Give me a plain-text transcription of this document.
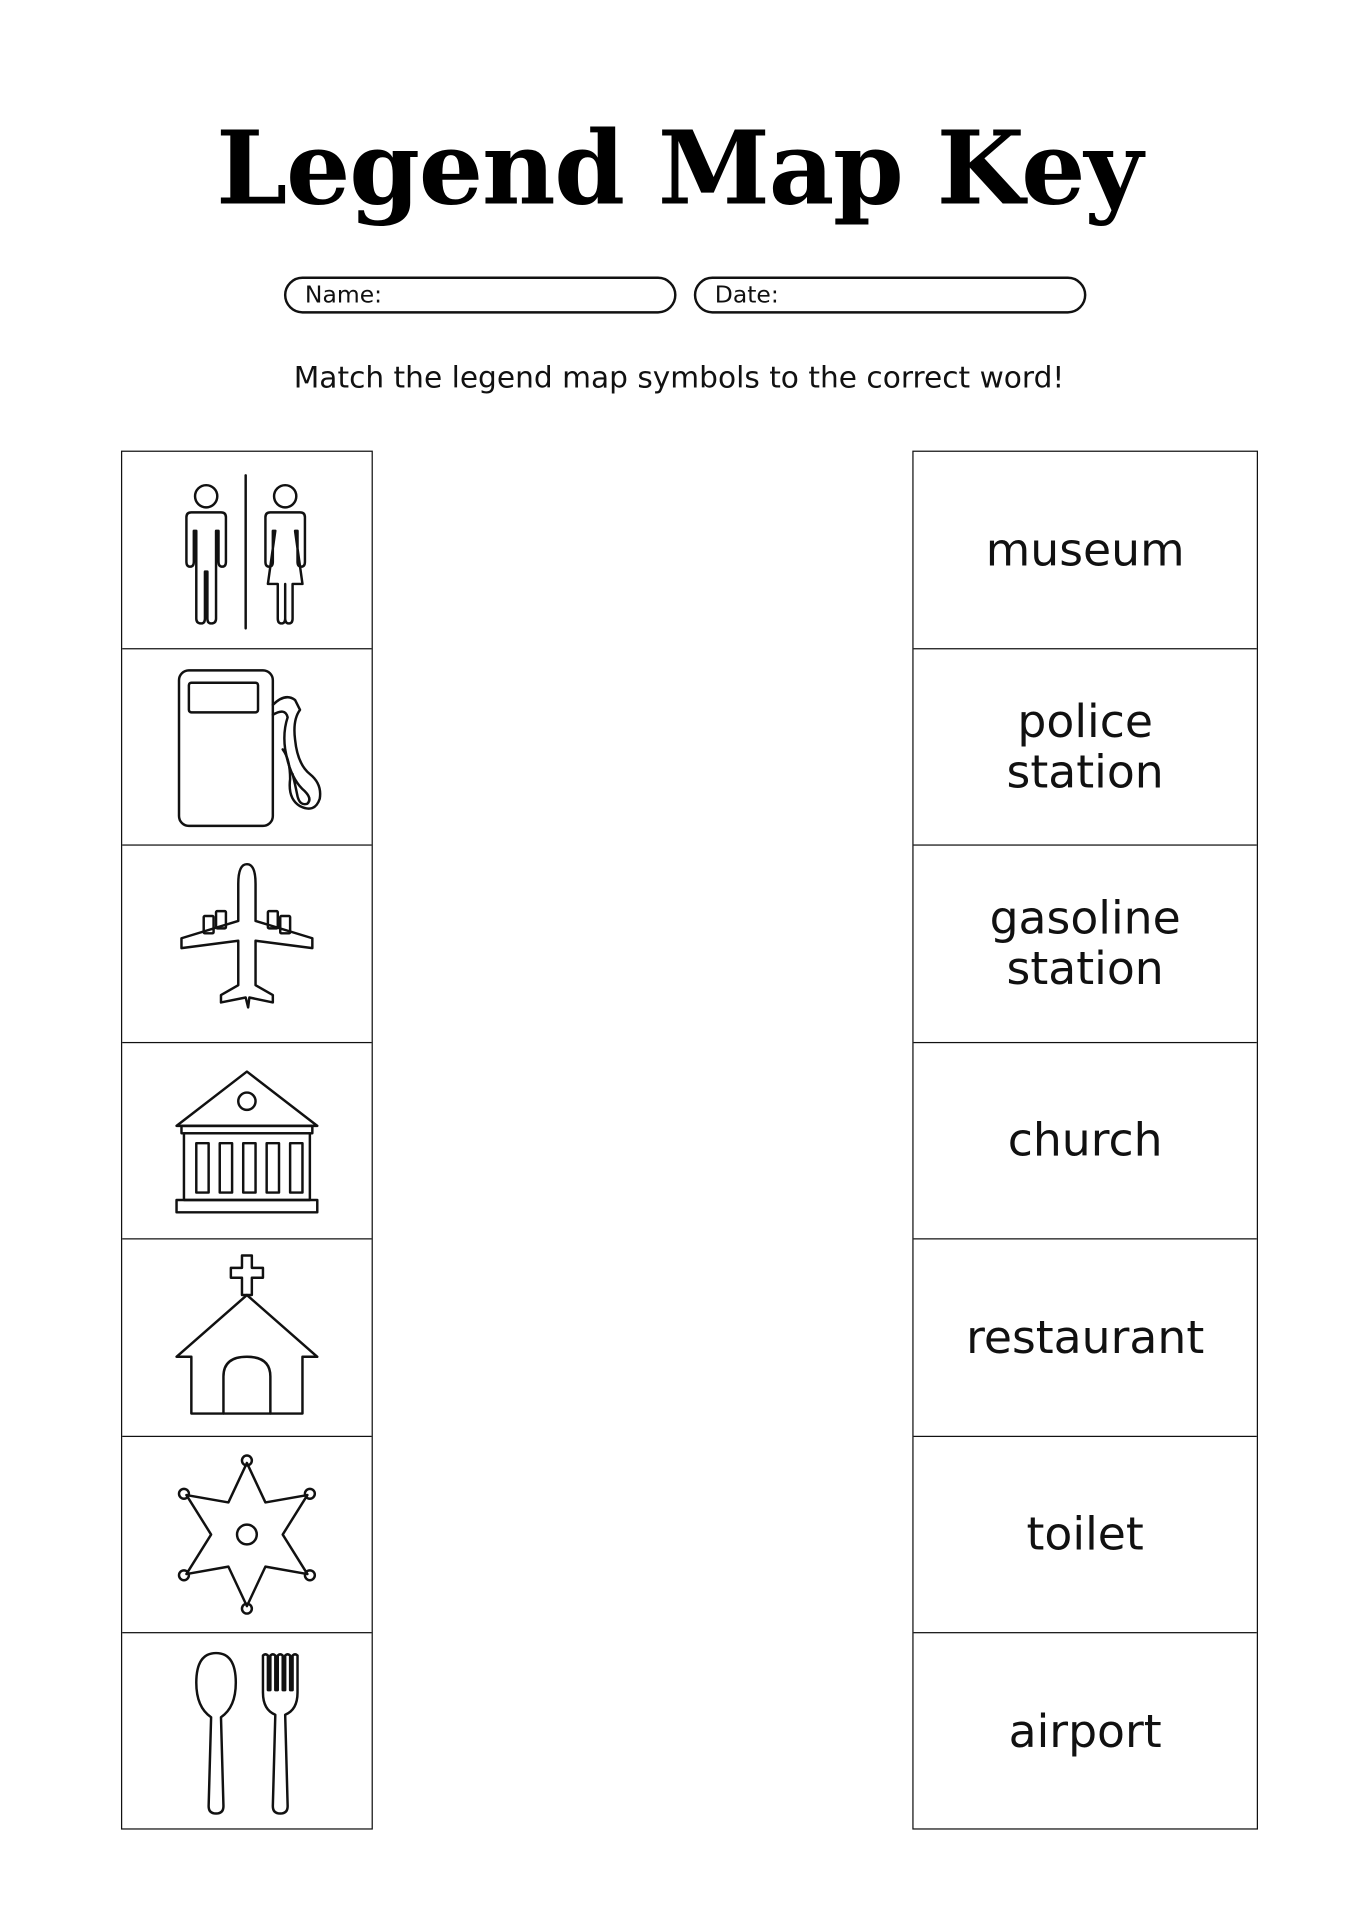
Legend Map Key
Name:	Date:
Match the legend map symbols to the correct word!
museum
police
station
gasoline
station
church
restaurant
toilet
airport
